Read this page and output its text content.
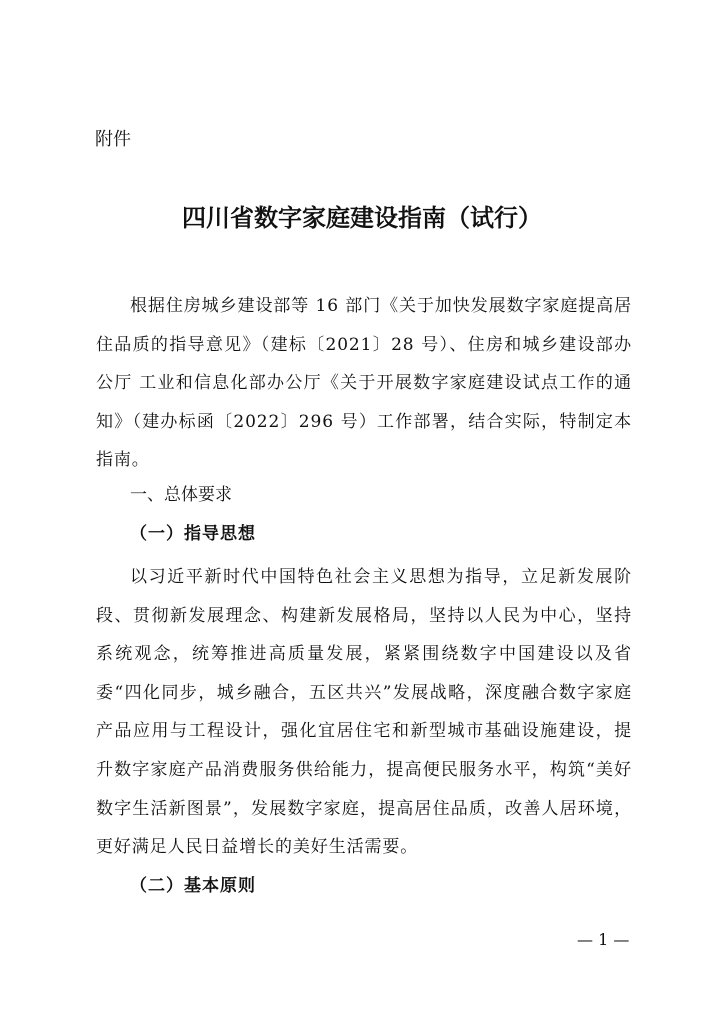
附件
四川省数字家庭建设指南（试行）

根据住房城乡建设部等 16 部门《关于加快发展数字家庭提高居住品质的指导意见》（建标〔2021〕28 号）、住房和城乡建设部办公厅 工业和信息化部办公厅《关于开展数字家庭建设试点工作的通知》（建办标函〔2022〕296 号）工作部署，结合实际，特制定本指南。

一、总体要求
（一）指导思想

以习近平新时代中国特色社会主义思想为指导，立足新发展阶段、贯彻新发展理念、构建新发展格局，坚持以人民为中心，坚持系统观念，统筹推进高质量发展，紧紧围绕数字中国建设以及省委“四化同步，城乡融合，五区共兴”发展战略，深度融合数字家庭产品应用与工程设计，强化宜居住宅和新型城市基础设施建设，提升数字家庭产品消费服务供给能力，提高便民服务水平，构筑“美好数字生活新图景”，发展数字家庭，提高居住品质，改善人居环境，更好满足人民日益增长的美好生活需要。

（二）基本原则
— 1 —
